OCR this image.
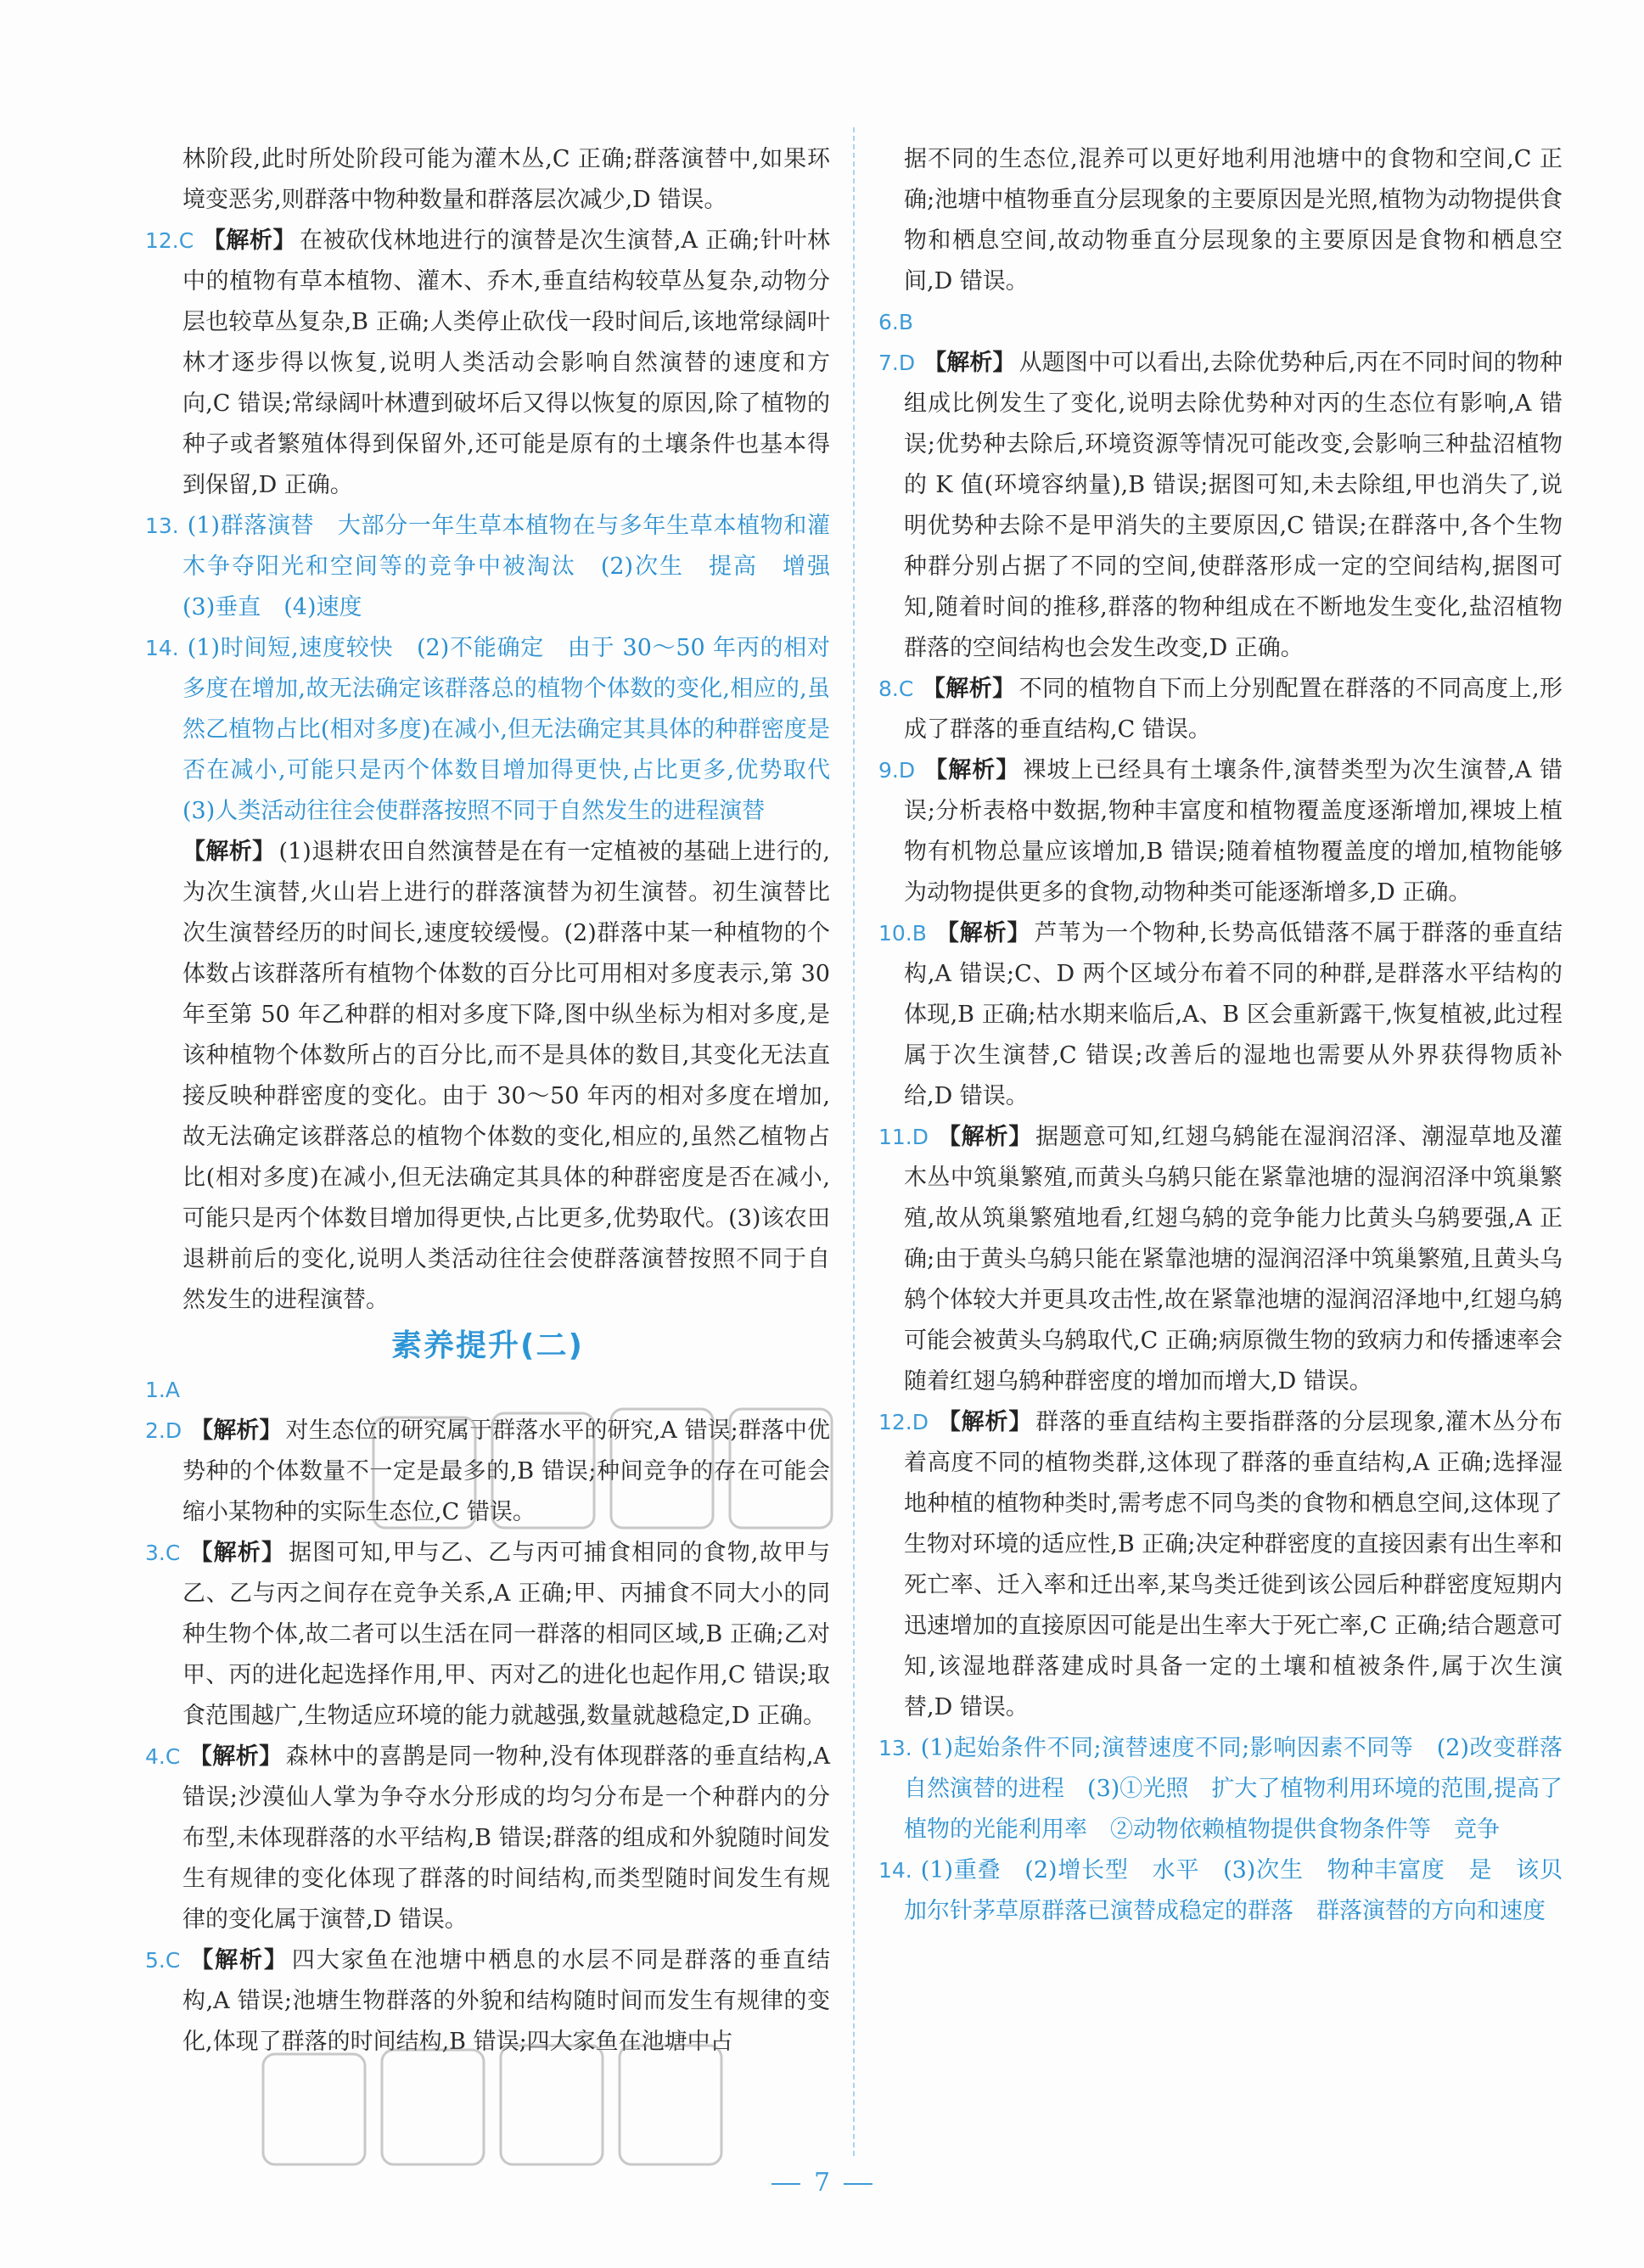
林阶段,此时所处阶段可能为灌木丛,C 正确;群落演替中,如果环境变恶劣,则群落中物种数量和群落层次减少,D 错误。

12.C 【解析】 在被砍伐林地进行的演替是次生演替,A 正确;针叶林中的植物有草本植物、灌木、乔木,垂直结构较草丛复杂,动物分层也较草丛复杂,B 正确;人类停止砍伐一段时间后,该地常绿阔叶林才逐步得以恢复,说明人类活动会影响自然演替的速度和方向,C 错误;常绿阔叶林遭到破坏后又得以恢复的原因,除了植物的种子或者繁殖体得到保留外,还可能是原有的土壤条件也基本得到保留,D 正确。

13. (1)群落演替　大部分一年生草本植物在与多年生草本植物和灌木争夺阳光和空间等的竞争中被淘汰　(2)次生　提高　增强　(3)垂直　(4)速度

14. (1)时间短,速度较快　(2)不能确定　由于 30～50 年丙的相对多度在增加,故无法确定该群落总的植物个体数的变化,相应的,虽然乙植物占比(相对多度)在减小,但无法确定其具体的种群密度是否在减小,可能只是丙个体数目增加得更快,占比更多,优势取代　(3)人类活动往往会使群落按照不同于自然发生的进程演替

【解析】 (1)退耕农田自然演替是在有一定植被的基础上进行的,为次生演替,火山岩上进行的群落演替为初生演替。初生演替比次生演替经历的时间长,速度较缓慢。(2)群落中某一种植物的个体数占该群落所有植物个体数的百分比可用相对多度表示,第 30 年至第 50 年乙种群的相对多度下降,图中纵坐标为相对多度,是该种植物个体数所占的百分比,而不是具体的数目,其变化无法直接反映种群密度的变化。由于 30～50 年丙的相对多度在增加,故无法确定该群落总的植物个体数的变化,相应的,虽然乙植物占比(相对多度)在减小,但无法确定其具体的种群密度是否在减小,可能只是丙个体数目增加得更快,占比更多,优势取代。(3)该农田退耕前后的变化,说明人类活动往往会使群落演替按照不同于自然发生的进程演替。

素养提升(二)

1.A

2.D 【解析】 对生态位的研究属于群落水平的研究,A 错误;群落中优势种的个体数量不一定是最多的,B 错误;种间竞争的存在可能会缩小某物种的实际生态位,C 错误。

3.C 【解析】 据图可知,甲与乙、乙与丙可捕食相同的食物,故甲与乙、乙与丙之间存在竞争关系,A 正确;甲、丙捕食不同大小的同种生物个体,故二者可以生活在同一群落的相同区域,B 正确;乙对甲、丙的进化起选择作用,甲、丙对乙的进化也起作用,C 错误;取食范围越广,生物适应环境的能力就越强,数量就越稳定,D 正确。

4.C 【解析】 森林中的喜鹊是同一物种,没有体现群落的垂直结构,A 错误;沙漠仙人掌为争夺水分形成的均匀分布是一个种群内的分布型,未体现群落的水平结构,B 错误;群落的组成和外貌随时间发生有规律的变化体现了群落的时间结构,而类型随时间发生有规律的变化属于演替,D 错误。

5.C 【解析】 四大家鱼在池塘中栖息的水层不同是群落的垂直结构,A 错误;池塘生物群落的外貌和结构随时间而发生有规律的变化,体现了群落的时间结构,B 错误;四大家鱼在池塘中占

据不同的生态位,混养可以更好地利用池塘中的食物和空间,C 正确;池塘中植物垂直分层现象的主要原因是光照,植物为动物提供食物和栖息空间,故动物垂直分层现象的主要原因是食物和栖息空间,D 错误。

6.B

7.D 【解析】 从题图中可以看出,去除优势种后,丙在不同时间的物种组成比例发生了变化,说明去除优势种对丙的生态位有影响,A 错误;优势种去除后,环境资源等情况可能改变,会影响三种盐沼植物的 K 值(环境容纳量),B 错误;据图可知,未去除组,甲也消失了,说明优势种去除不是甲消失的主要原因,C 错误;在群落中,各个生物种群分别占据了不同的空间,使群落形成一定的空间结构,据图可知,随着时间的推移,群落的物种组成在不断地发生变化,盐沼植物群落的空间结构也会发生改变,D 正确。

8.C 【解析】 不同的植物自下而上分别配置在群落的不同高度上,形成了群落的垂直结构,C 错误。

9.D 【解析】 裸坡上已经具有土壤条件,演替类型为次生演替,A 错误;分析表格中数据,物种丰富度和植物覆盖度逐渐增加,裸坡上植物有机物总量应该增加,B 错误;随着植物覆盖度的增加,植物能够为动物提供更多的食物,动物种类可能逐渐增多,D 正确。

10.B 【解析】 芦苇为一个物种,长势高低错落不属于群落的垂直结构,A 错误;C、D 两个区域分布着不同的种群,是群落水平结构的体现,B 正确;枯水期来临后,A、B 区会重新露干,恢复植被,此过程属于次生演替,C 错误;改善后的湿地也需要从外界获得物质补给,D 错误。

11.D 【解析】 据题意可知,红翅乌鸫能在湿润沼泽、潮湿草地及灌木丛中筑巢繁殖,而黄头乌鸫只能在紧靠池塘的湿润沼泽中筑巢繁殖,故从筑巢繁殖地看,红翅乌鸫的竞争能力比黄头乌鸫要强,A 正确;由于黄头乌鸫只能在紧靠池塘的湿润沼泽中筑巢繁殖,且黄头乌鸫个体较大并更具攻击性,故在紧靠池塘的湿润沼泽地中,红翅乌鸫可能会被黄头乌鸫取代,C 正确;病原微生物的致病力和传播速率会随着红翅乌鸫种群密度的增加而增大,D 错误。

12.D 【解析】 群落的垂直结构主要指群落的分层现象,灌木丛分布着高度不同的植物类群,这体现了群落的垂直结构,A 正确;选择湿地种植的植物种类时,需考虑不同鸟类的食物和栖息空间,这体现了生物对环境的适应性,B 正确;决定种群密度的直接因素有出生率和死亡率、迁入率和迁出率,某鸟类迁徙到该公园后种群密度短期内迅速增加的直接原因可能是出生率大于死亡率,C 正确;结合题意可知,该湿地群落建成时具备一定的土壤和植被条件,属于次生演替,D 错误。

13. (1)起始条件不同;演替速度不同;影响因素不同等　(2)改变群落自然演替的进程　(3)①光照　扩大了植物利用环境的范围,提高了植物的光能利用率　②动物依赖植物提供食物条件等　竞争

14. (1)重叠　(2)增长型　水平　(3)次生　物种丰富度　是　该贝加尔针茅草原群落已演替成稳定的群落　群落演替的方向和速度

7
